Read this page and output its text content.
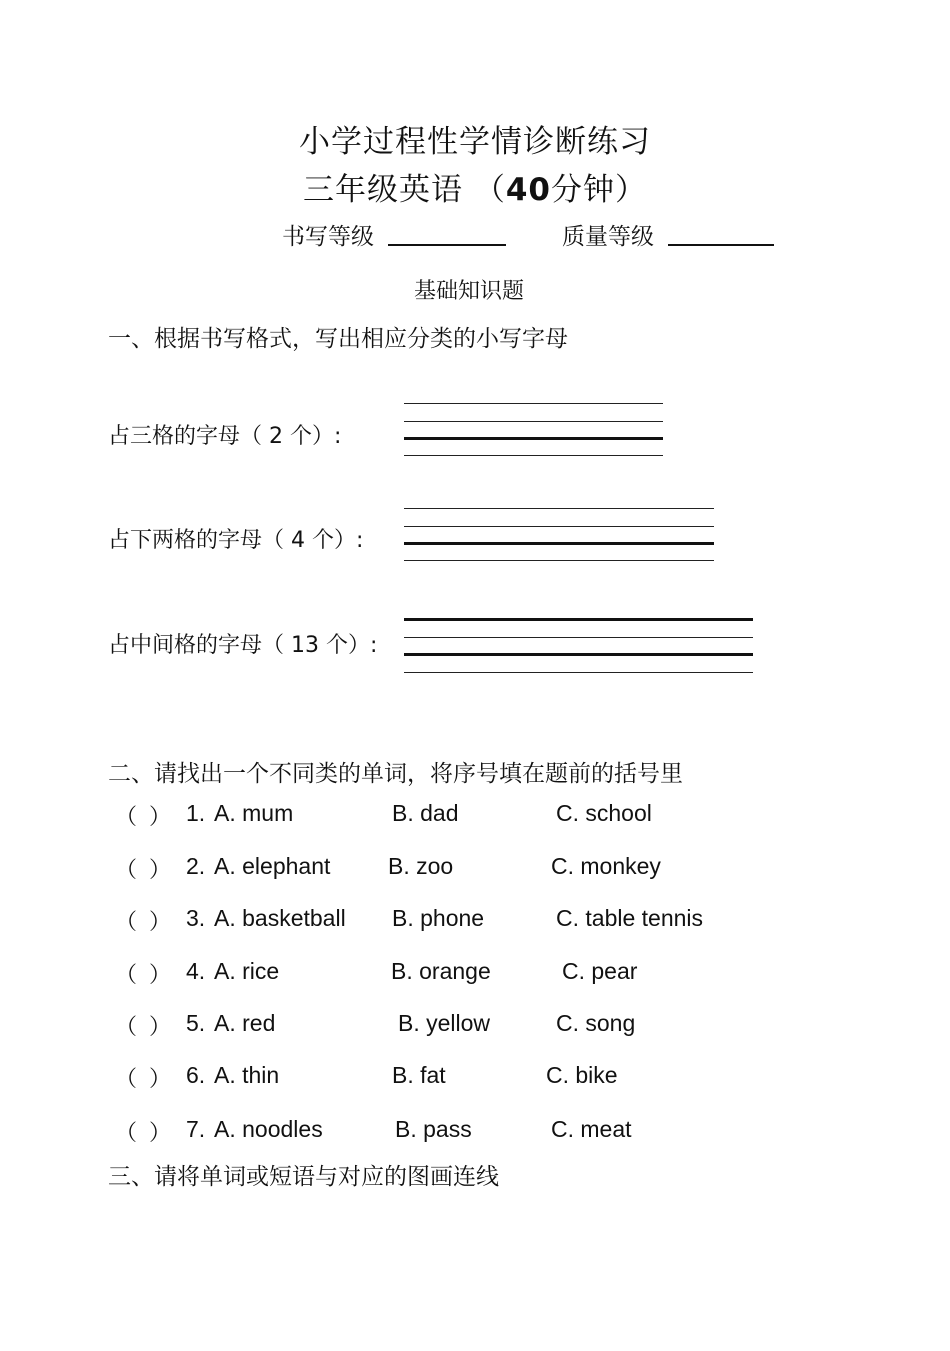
小学过程性学情诊断练习
三年级英语 （40分钟）
书写等级	质量等级
基础知识题
一、根据书写格式，写出相应分类的小写字母
占三格的字母（ 2 个）:
占下两格的字母（ 4 个）:
占中间格的字母（ 13 个）:
二、请找出一个不同类的单词，将序号填在题前的括号里
（ ） 1. A. mum	B. dad	C. school
（ ） 2. A. elephant	B. zoo	C. monkey
（ ） 3. A. basketball B. phone	C. table tennis
（ ） 4. A. rice	B. orange	C. pear
（ ） 5. A. red	B. yellow	C. song
（ ） 6. A. thin	B. fat	C. bike
（ ） 7. A. noodles	B. pass	C. meat
三、请将单词或短语与对应的图画连线
